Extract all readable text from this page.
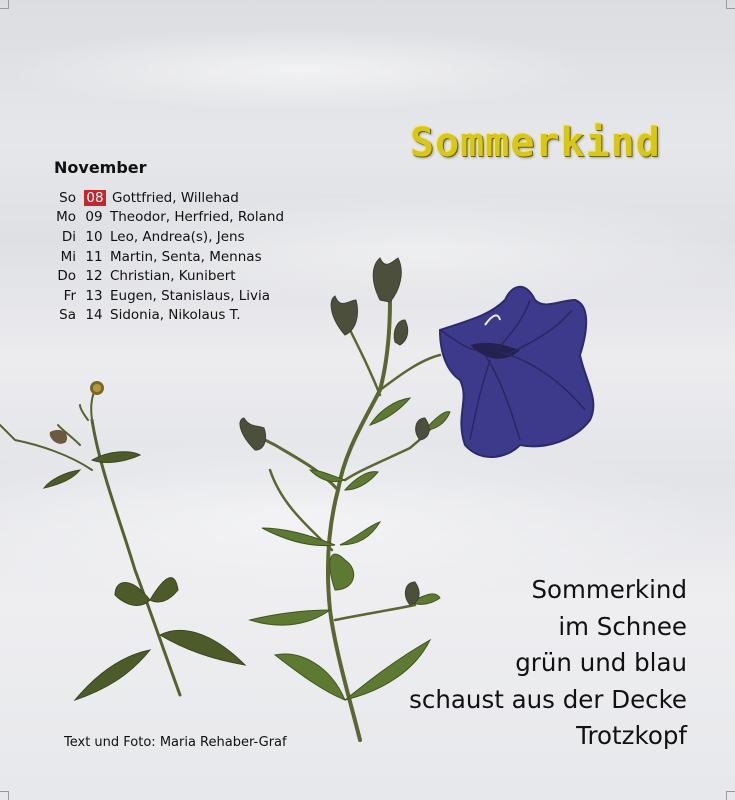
Sommerkind
November
So 08 Gottfried, Willehad
Mo 09 Theodor, Herfried, Roland
Di 10 Leo, Andrea(s), Jens
Mi 11 Martin, Senta, Mennas
Do 12 Christian, Kunibert
Fr 13 Eugen, Stanislaus, Livia
Sa 14 Sidonia, Nikolaus T.
Sommerkind
im Schnee
grün und blau
schaust aus der Decke
Trotzkopf
Text und Foto: Maria Rehaber-Graf
